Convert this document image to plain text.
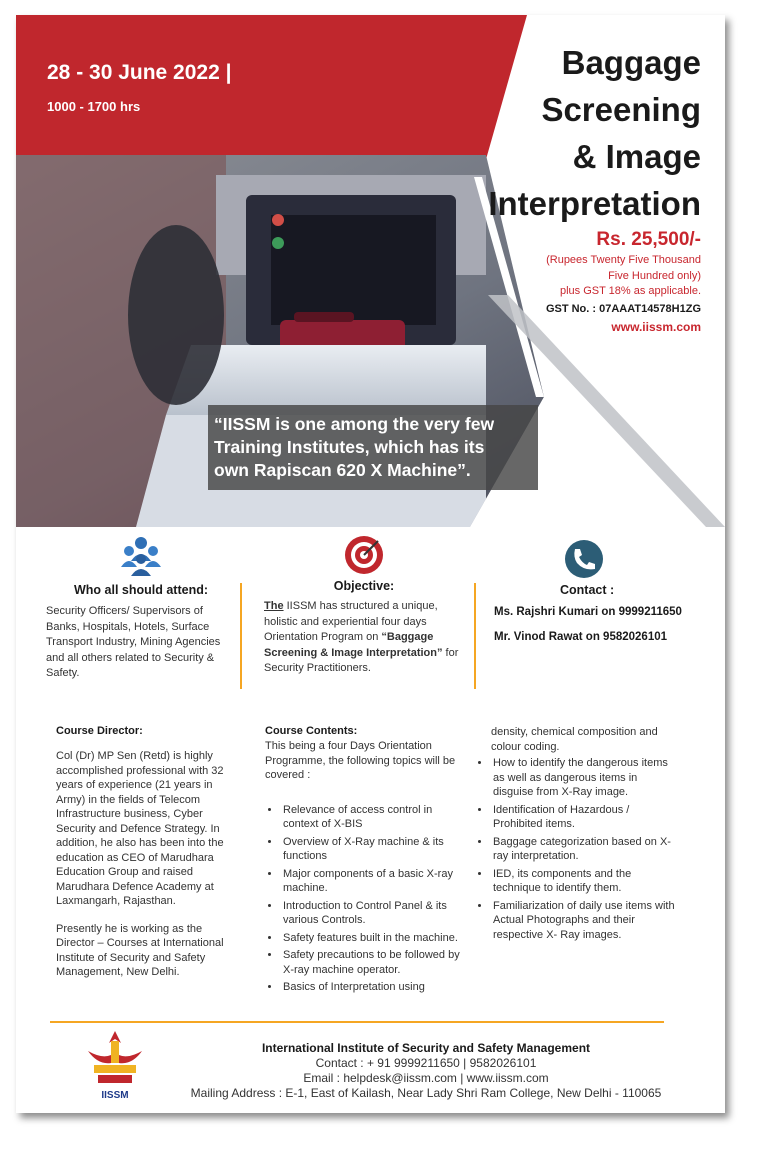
28 - 30 June 2022 |
1000 - 1700 hrs
Baggage
Screening
& Image
Interpretation
Rs. 25,500/-
(Rupees Twenty Five Thousand
Five Hundred only)
plus GST 18% as applicable.
GST No. : 07AAAT14578H1ZG
www.iissm.com
“IISSM is one among the very few
Training Institutes, which has its
own Rapiscan 620 X Machine”.
Who all should attend:
Security Officers/ Supervisors of Banks, Hospitals, Hotels, Surface Transport Industry, Mining Agencies and all others related to Security & Safety.
Objective:
The IISSM has structured a unique, holistic and experiential four days Orientation Program on “Baggage Screening & Image Interpretation” for Security Practitioners.
Contact :
Ms. Rajshri Kumari on 9999211650
Mr. Vinod Rawat on 9582026101
Course Director:
Col (Dr) MP Sen (Retd) is highly accomplished professional with 32 years of experience (21 years in Army) in the fields of Telecom Infrastructure business, Cyber Security and Defence Strategy. In addition, he also has been into the education as CEO of Marudhara Education Group and raised Marudhara Defence Academy at Laxmangarh, Rajasthan.
Presently he is working as the Director – Courses at International Institute of Security and Safety Management, New Delhi.
Course Contents:
This being a four Days Orientation Programme, the following topics will be covered :
• Relevance of access control in context of X-BIS
• Overview of X-Ray machine & its functions
• Major components of a basic X-ray machine.
• Introduction to Control Panel & its various Controls.
• Safety features built in the machine.
• Safety precautions to be followed by X-ray machine operator.
• Basics of Interpretation using
density, chemical composition and colour coding.
• How to identify the dangerous items as well as dangerous items in disguise from X-Ray image.
• Identification of Hazardous / Prohibited items.
• Baggage categorization based on X-ray interpretation.
• IED, its components and the technique to identify them.
• Familiarization of daily use items with Actual Photographs and their respective X- Ray images.
IISSM
International Institute of Security and Safety Management
Contact : + 91 9999211650 | 9582026101
Email : helpdesk@iissm.com | www.iissm.com
Mailing Address : E-1, East of Kailash, Near Lady Shri Ram College, New Delhi - 110065
